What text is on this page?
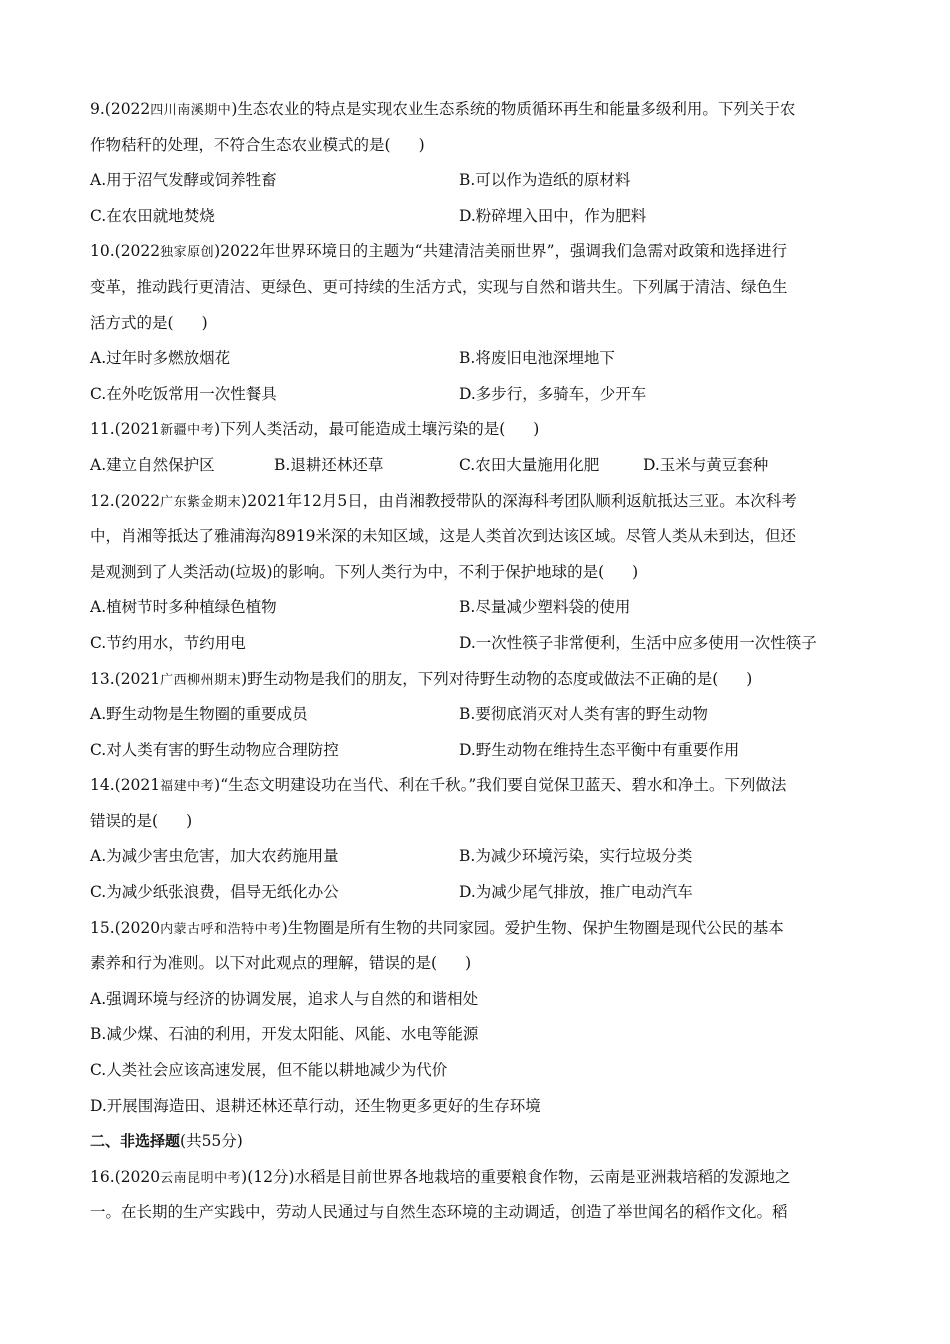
9.(2022四川南溪期中)生态农业的特点是实现农业生态系统的物质循环再生和能量多级利用。下列关于农
作物秸秆的处理，不符合生态农业模式的是( )
A.用于沼气发酵或饲养牲畜	B.可以作为造纸的原材料
C.在农田就地焚烧	D.粉碎埋入田中，作为肥料
10.(2022独家原创)2022年世界环境日的主题为“共建清洁美丽世界”，强调我们急需对政策和选择进行
变革，推动践行更清洁、更绿色、更可持续的生活方式，实现与自然和谐共生。下列属于清洁、绿色生
活方式的是( )
A.过年时多燃放烟花	B.将废旧电池深埋地下
C.在外吃饭常用一次性餐具	D.多步行，多骑车，少开车
11.(2021新疆中考)下列人类活动，最可能造成土壤污染的是( )
A.建立自然保护区	B.退耕还林还草	C.农田大量施用化肥	D.玉米与黄豆套种
12.(2022广东紫金期末)2021年12月5日，由肖湘教授带队的深海科考团队顺利返航抵达三亚。本次科考
中，肖湘等抵达了雅浦海沟8919米深的未知区域，这是人类首次到达该区域。尽管人类从未到达，但还
是观测到了人类活动(垃圾)的影响。下列人类行为中，不利于保护地球的是( )
A.植树节时多种植绿色植物	B.尽量减少塑料袋的使用
C.节约用水，节约用电	D.一次性筷子非常便利，生活中应多使用一次性筷子
13.(2021广西柳州期末)野生动物是我们的朋友，下列对待野生动物的态度或做法不正确的是( )
A.野生动物是生物圈的重要成员	B.要彻底消灭对人类有害的野生动物
C.对人类有害的野生动物应合理防控	D.野生动物在维持生态平衡中有重要作用
14.(2021福建中考)“生态文明建设功在当代、利在千秋。”我们要自觉保卫蓝天、碧水和净土。下列做法
错误的是( )
A.为减少害虫危害，加大农药施用量	B.为减少环境污染，实行垃圾分类
C.为减少纸张浪费，倡导无纸化办公	D.为减少尾气排放，推广电动汽车
15.(2020内蒙古呼和浩特中考)生物圈是所有生物的共同家园。爱护生物、保护生物圈是现代公民的基本
素养和行为准则。以下对此观点的理解，错误的是( )
A.强调环境与经济的协调发展，追求人与自然的和谐相处
B.减少煤、石油的利用，开发太阳能、风能、水电等能源
C.人类社会应该高速发展，但不能以耕地减少为代价
D.开展围海造田、退耕还林还草行动，还生物更多更好的生存环境
二、非选择题(共55分)
16.(2020云南昆明中考)(12分)水稻是目前世界各地栽培的重要粮食作物，云南是亚洲栽培稻的发源地之
一。在长期的生产实践中，劳动人民通过与自然生态环境的主动调适，创造了举世闻名的稻作文化。稻
